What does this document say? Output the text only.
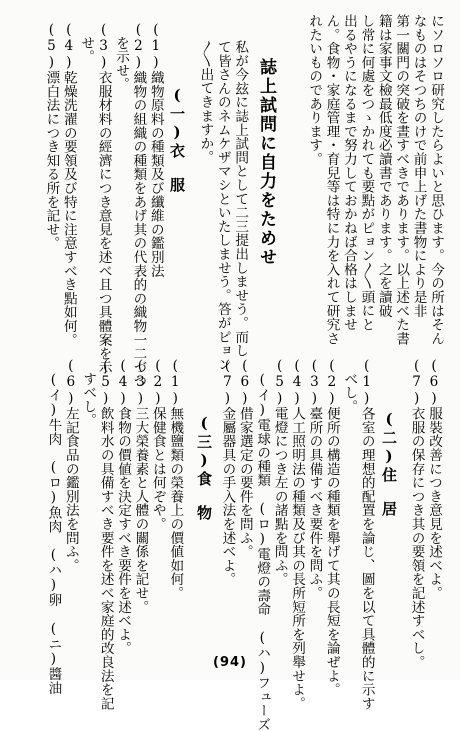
にソロソロ研究したらよいと思ひます。今の所はそん
なものはそつちのけで前申上げた書物により是非
第一關門の突破を晝すべきであります。以上述べた書
籍は家事文檢最低度必讀書であります。之を讀破
し常に何處をつゝかれても要點がピョン〳〵頭にと
出るやうになるまで努力しておかねば合格はしませ
ん。食物・家庭管理・育兒等は特に力を入れて研究さ
れたいものであります。
誌上試問に自力をためせ
私が今玆に誌上試問として二三提出しませう。而し
て皆さんのネムケザマシといたしませう。答がピョン
〳〵出てきますか。
(一)衣　服
(1)織物原料の種類及び纖維の鑑別法
(2)織物の組織の種類をあげ其の代表的の織物一二づつ
　を示せ。
(3)衣服材料の經濟につき意見を述べ且つ具體案を示
　せ。
(4)乾燥洗濯の要領及び特に注意すべき點如何。
(5)漂白法につき知る所を記せ。
(6)服裝改善につき意見を述べよ。
(7)衣服の保存につき其の要領を記述すべし。
(二)住　居
(1)各室の理想的配置を論じ、圖を以て具體的に示す
　べし。
(2)便所の構造の種類を舉げて其の長短を論ぜよ。
(3)臺所の具備すべき要件を問ふ。
(4)人工照明法の種類及び其の長所短所を列舉せよ。
(5)電燈につき左の諸點を問ふ。
　(イ)電球の種類　(ロ)電燈の壽命　(ハ)フューズ
(6)借家選定の要件を問ふ。
(7)金屬器具の手入法を述べよ。
(三)食　物
(1)無機鹽類の榮養上の價値如何。
(2)保健食とは何ぞや。
(3)三大榮養素と人體の關係を記せ。
(4)食物の價値を決定すべき要件を述べよ。
(5)飲料水の具備すべき要件を述べ家庭的改良法を記
　すべし。
(6)左記食品の鑑別法を問ふ。
　(イ)牛肉　(ロ)魚肉　(ハ)卵　(ニ)醬油	(94)
